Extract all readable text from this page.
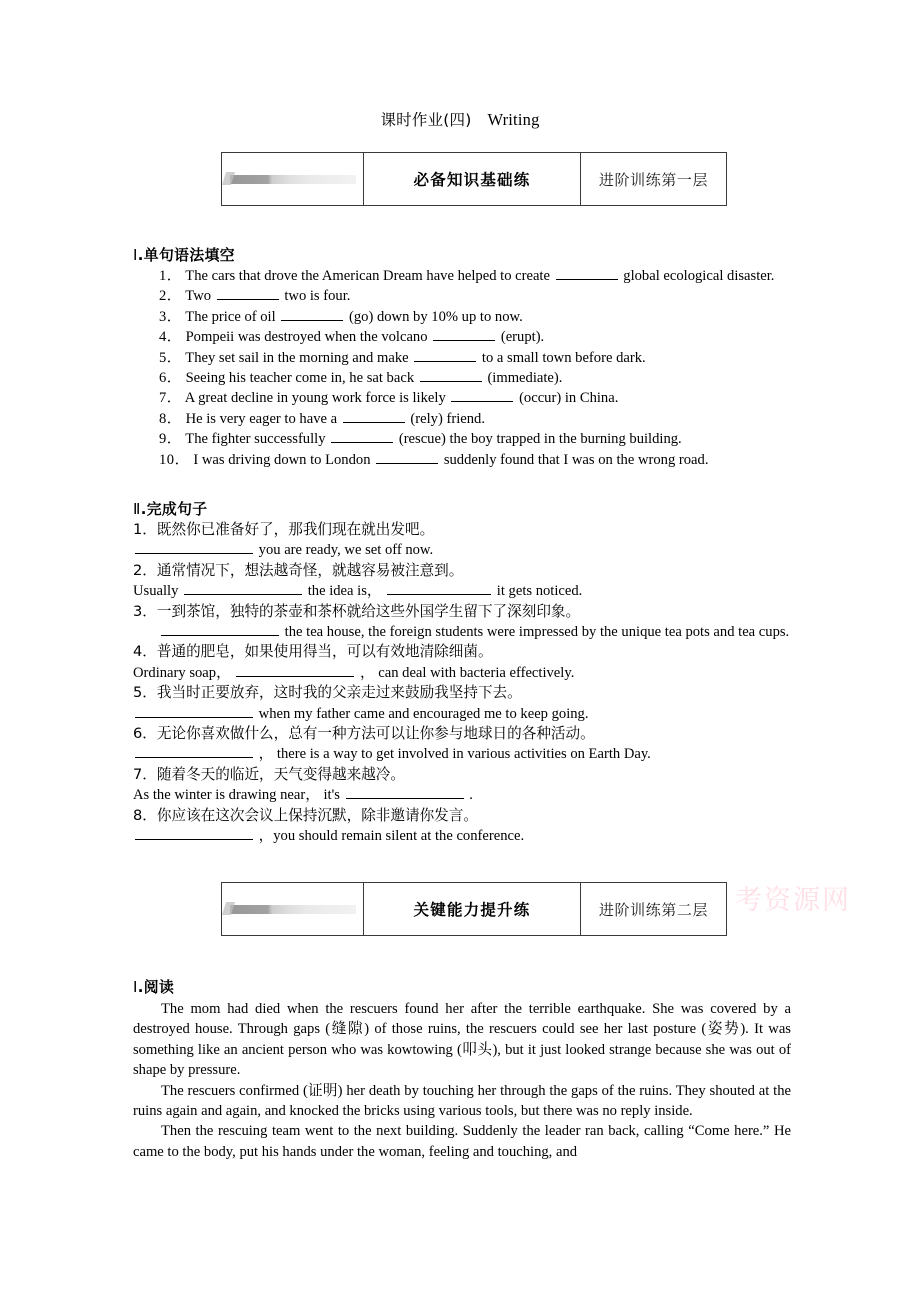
课时作业(四) Writing
必备知识基础练	进阶训练第一层
Ⅰ.单句语法填空
1． The cars that drove the American Dream have helped to create	global ecological disaster.
2． Two	two is four.
3． The price of oil	(go) down by 10% up to now.
4． Pompeii was destroyed when the volcano	(erupt).
5． They set sail in the morning and make	to a small town before dark.
6． Seeing his teacher come in, he sat back	(immediate).
7． A great decline in young work force is likely	(occur) in China.
8． He is very eager to have a	(rely) friend.
9． The fighter successfully	(rescue) the boy trapped in the burning building.
10． I was driving down to London	suddenly found that I was on the wrong road.
Ⅱ.完成句子
1．既然你已准备好了，那我们现在就出发吧。
you are ready, we set off now.
2．通常情况下，想法越奇怪，就越容易被注意到。
Usually	the idea is，	it gets noticed.
3．一到茶馆，独特的茶壶和茶杯就给这些外国学生留下了深刻印象。
the tea house, the foreign students were impressed by the unique tea pots and tea cups.
4．普通的肥皂，如果使用得当，可以有效地清除细菌。
Ordinary soap，	， can deal with bacteria effectively.
5．我当时正要放弃，这时我的父亲走过来鼓励我坚持下去。
when my father came and encouraged me to keep going.
6．无论你喜欢做什么，总有一种方法可以让你参与地球日的各种活动。
， there is a way to get involved in various activities on Earth Day.
7．随着冬天的临近，天气变得越来越冷。
As the winter is drawing near， it's	.
8．你应该在这次会议上保持沉默，除非邀请你发言。
，you should remain silent at the conference.
关键能力提升练	进阶训练第二层 考资源网
Ⅰ.阅读
The mom had died when the rescuers found her after the terrible earthquake. She was covered by a destroyed house. Through gaps (缝隙) of those ruins, the rescuers could see her last posture (姿势). It was something like an ancient person who was kowtowing (叩头), but it just looked strange because she was out of shape by pressure.
The rescuers confirmed (证明) her death by touching her through the gaps of the ruins. They shouted at the ruins again and again, and knocked the bricks using various tools, but there was no reply inside.
Then the rescuing team went to the next building. Suddenly the leader ran back, calling “Come here.” He came to the body, put his hands under the woman, feeling and touching, and
